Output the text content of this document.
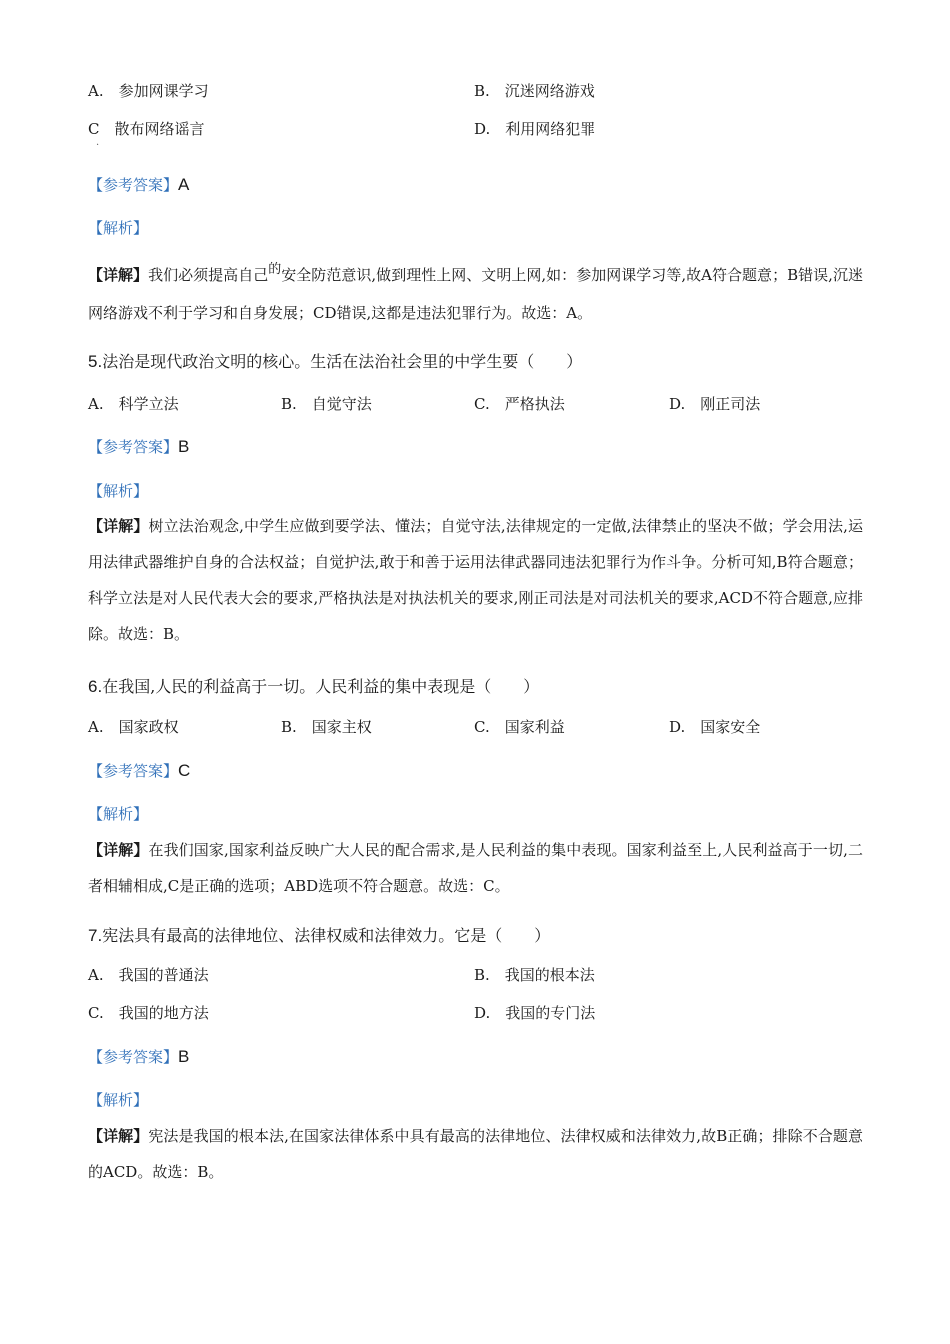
A.　参加网课学习	B.　沉迷网络游戏
C　散布网络谣言	D.　利用网络犯罪
·
【参考答案】A
【解析】
【详解】我们必须提高自己的安全防范意识,做到理性上网、文明上网,如：参加网课学习等,故A符合题意；B错误,沉迷网络游戏不利于学习和自身发展；CD错误,这都是违法犯罪行为。故选：A。
5.法治是现代政治文明的核心。生活在法治社会里的中学生要（　　）
A.　科学立法	B.　自觉守法	C.　严格执法	D.　刚正司法
【参考答案】B
【解析】
【详解】树立法治观念,中学生应做到要学法、懂法；自觉守法,法律规定的一定做,法律禁止的坚决不做；学会用法,运用法律武器维护自身的合法权益；自觉护法,敢于和善于运用法律武器同违法犯罪行为作斗争。分析可知,B符合题意；科学立法是对人民代表大会的要求,严格执法是对执法机关的要求,刚正司法是对司法机关的要求,ACD不符合题意,应排除。故选：B。
6.在我国,人民的利益高于一切。人民利益的集中表现是（　　）
A.　国家政权	B.　国家主权	C.　国家利益	D.　国家安全
【参考答案】C
【解析】
【详解】在我们国家,国家利益反映广大人民的配合需求,是人民利益的集中表现。国家利益至上,人民利益高于一切,二者相辅相成,C是正确的选项；ABD选项不符合题意。故选：C。
7.宪法具有最高的法律地位、法律权威和法律效力。它是（　　）
A.　我国的普通法	B.　我国的根本法
C.　我国的地方法	D.　我国的专门法
【参考答案】B
【解析】
【详解】宪法是我国的根本法,在国家法律体系中具有最高的法律地位、法律权威和法律效力,故B正确；排除不合题意的ACD。故选：B。
